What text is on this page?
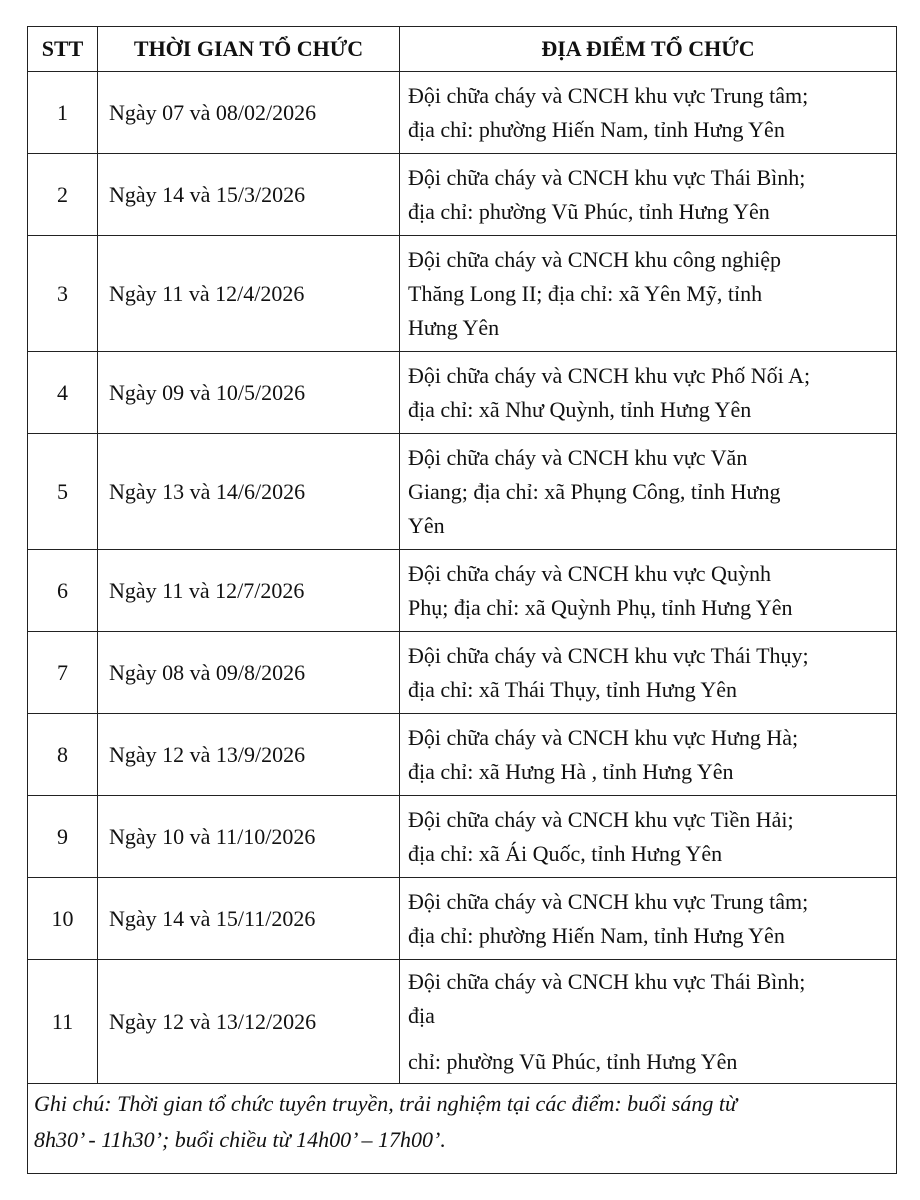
STT	THỜI GIAN TỔ CHỨC	ĐỊA ĐIỂM TỔ CHỨC
1	Ngày 07 và 08/02/2026	Đội chữa cháy và CNCH khu vực Trung tâm;
địa chỉ: phường Hiến Nam, tỉnh Hưng Yên

2	Ngày 14 và 15/3/2026	Đội chữa cháy và CNCH khu vực Thái Bình;
địa chỉ: phường Vũ Phúc, tỉnh Hưng Yên

3	Ngày 11 và 12/4/2026	Đội chữa cháy và CNCH khu công nghiệp
Thăng Long II; địa chỉ: xã Yên Mỹ, tỉnh
Hưng Yên

4	Ngày 09 và 10/5/2026	Đội chữa cháy và CNCH khu vực Phố Nối A;
địa chỉ: xã Như Quỳnh, tỉnh Hưng Yên

5	Ngày 13 và 14/6/2026	Đội chữa cháy và CNCH khu vực Văn
Giang; địa chỉ: xã Phụng Công, tỉnh Hưng
Yên

6	Ngày 11 và 12/7/2026	Đội chữa cháy và CNCH khu vực Quỳnh
Phụ; địa chỉ: xã Quỳnh Phụ, tỉnh Hưng Yên

7	Ngày 08 và 09/8/2026	Đội chữa cháy và CNCH khu vực Thái Thụy;
địa chỉ: xã Thái Thụy, tỉnh Hưng Yên

8	Ngày 12 và 13/9/2026	Đội chữa cháy và CNCH khu vực Hưng Hà;
địa chỉ: xã Hưng Hà , tỉnh Hưng Yên

9	Ngày 10 và 11/10/2026	Đội chữa cháy và CNCH khu vực Tiền Hải;
địa chỉ: xã Ái Quốc, tỉnh Hưng Yên

10	Ngày 14 và 15/11/2026	Đội chữa cháy và CNCH khu vực Trung tâm;
địa chỉ: phường Hiến Nam, tỉnh Hưng Yên

11	Ngày 12 và 13/12/2026	Đội chữa cháy và CNCH khu vực Thái Bình;
địa
chỉ: phường Vũ Phúc, tỉnh Hưng Yên

Ghi chú: Thời gian tổ chức tuyên truyền, trải nghiệm tại các điểm: buổi sáng từ
8h30’ - 11h30’; buổi chiều từ 14h00’ – 17h00’.		
